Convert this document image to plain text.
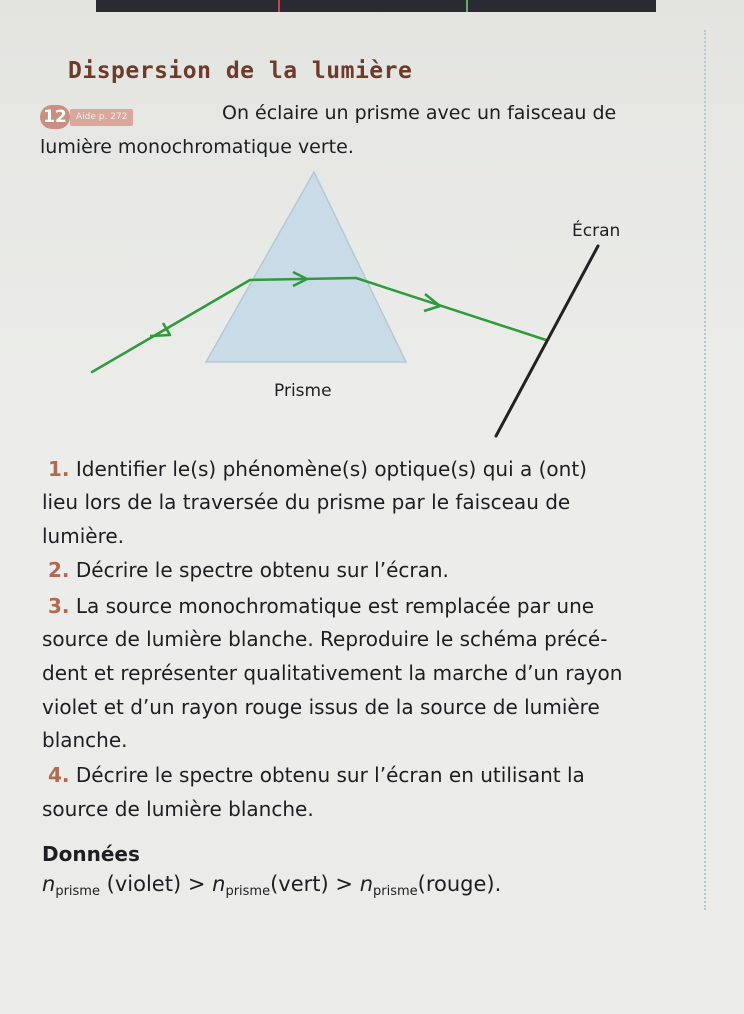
Dispersion de la lumière
12	Aide p. 272	On éclaire un prisme avec un faisceau de

lumière monochromatique verte.

Écran
Prisme
1. Identifier le(s) phénomène(s) optique(s) qui a (ont)
lieu lors de la traversée du prisme par le faisceau de
lumière.
2. Décrire le spectre obtenu sur l’écran.
3. La source monochromatique est remplacée par une
source de lumière blanche. Reproduire le schéma précé-
dent et représenter qualitativement la marche d’un rayon
violet et d’un rayon rouge issus de la source de lumière
blanche.
4. Décrire le spectre obtenu sur l’écran en utilisant la
source de lumière blanche.
Données
$n_{prisme}$ (violet) > $n_{prisme}(vert)$ > $n_{prisme}(rouge)$.
